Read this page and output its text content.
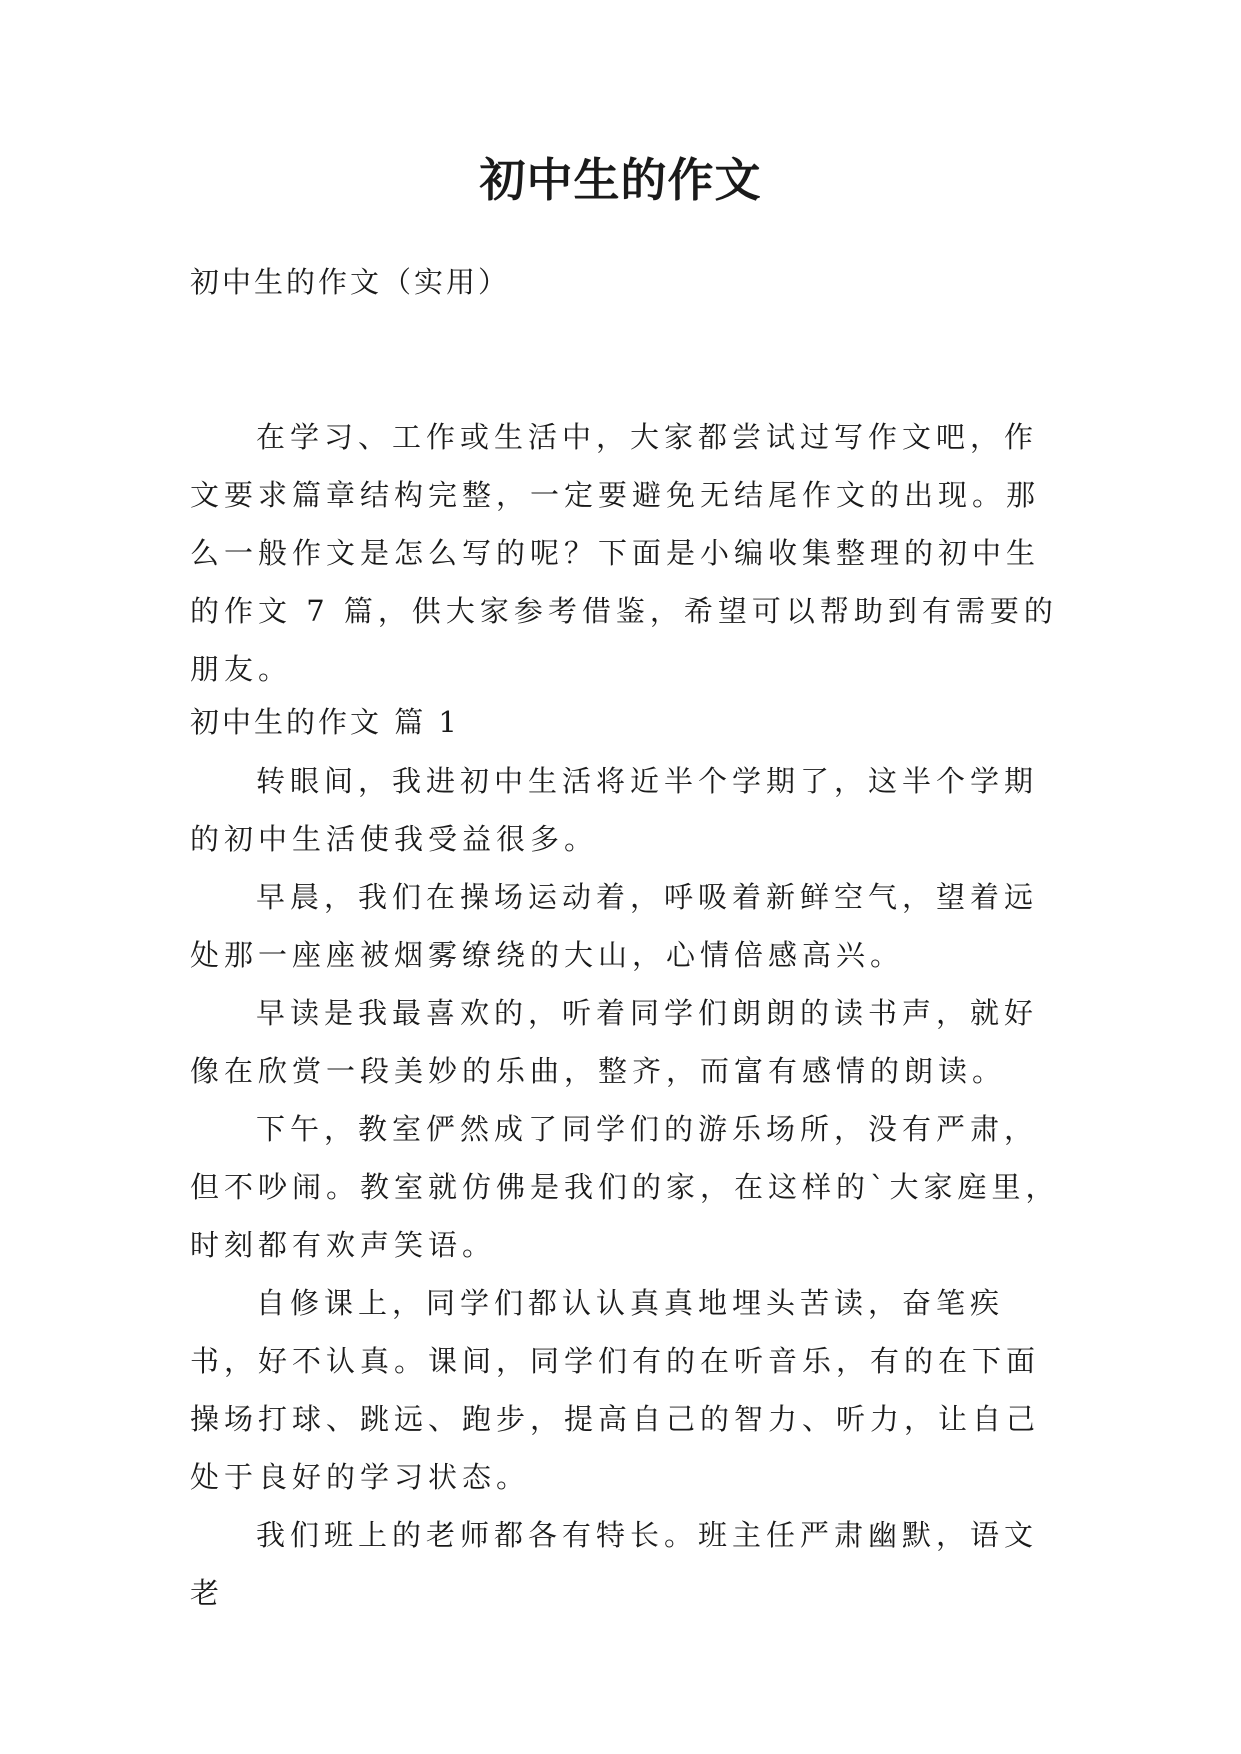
初中生的作文
初中生的作文（实用）

在学习、工作或生活中，大家都尝试过写作文吧，作文要求篇章结构完整，一定要避免无结尾作文的出现。那么一般作文是怎么写的呢？下面是小编收集整理的初中生的作文 7 篇，供大家参考借鉴，希望可以帮助到有需要的朋友。

初中生的作文 篇 1

转眼间，我进初中生活将近半个学期了，这半个学期的初中生活使我受益很多。

早晨，我们在操场运动着，呼吸着新鲜空气，望着远处那一座座被烟雾缭绕的大山，心情倍感高兴。

早读是我最喜欢的，听着同学们朗朗的读书声，就好像在欣赏一段美妙的乐曲，整齐，而富有感情的朗读。

下午，教室俨然成了同学们的游乐场所，没有严肃，但不吵闹。教室就仿佛是我们的家，在这样的`大家庭里，时刻都有欢声笑语。

自修课上，同学们都认认真真地埋头苦读，奋笔疾书，好不认真。课间，同学们有的在听音乐，有的在下面操场打球、跳远、跑步，提高自己的智力、听力，让自己处于良好的学习状态。

我们班上的老师都各有特长。班主任严肃幽默，语文老
